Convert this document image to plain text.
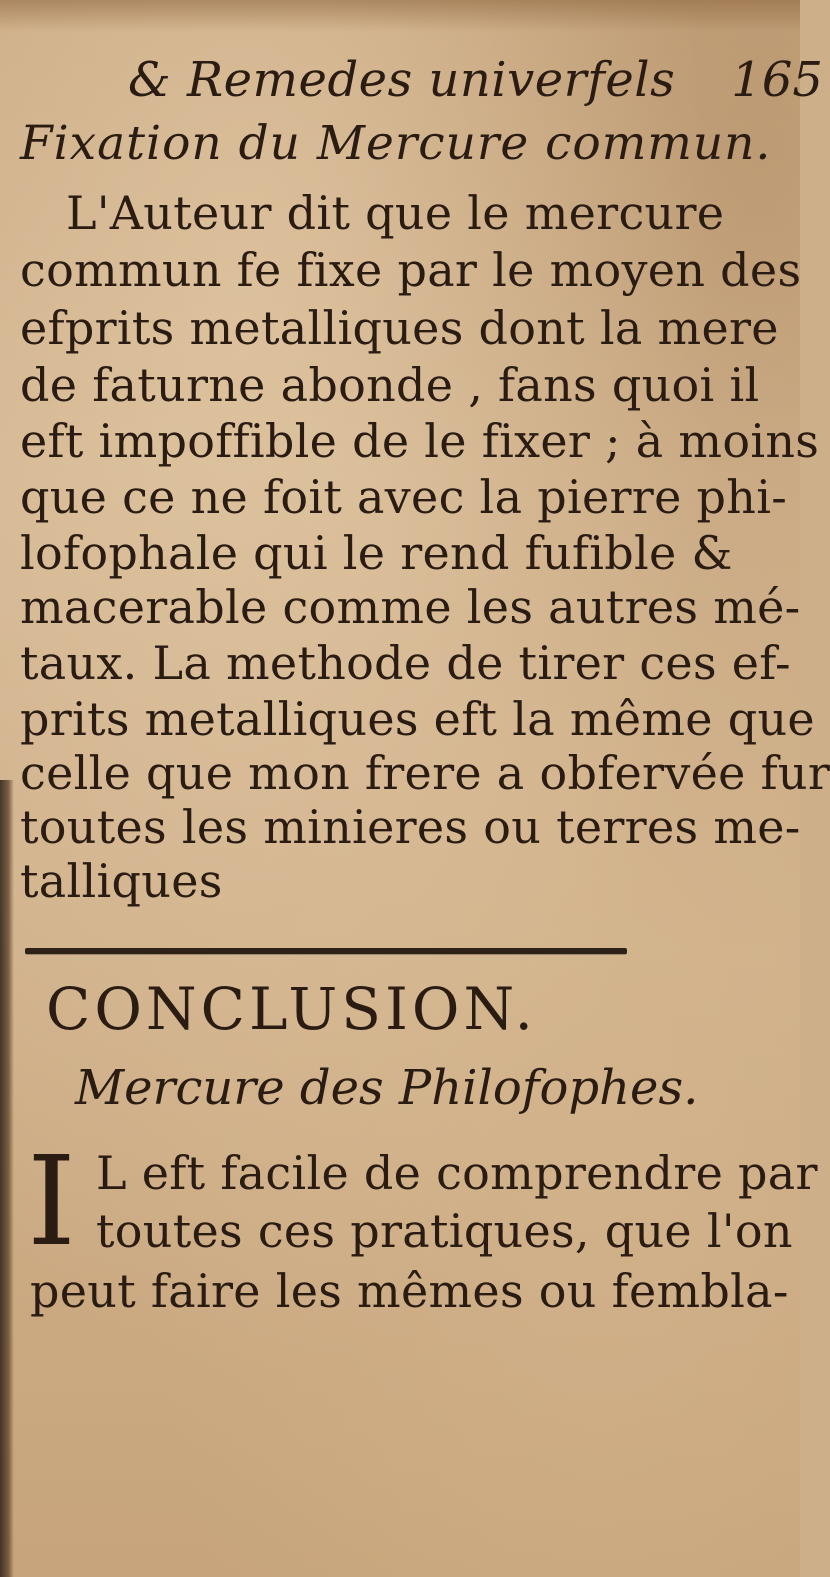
& Remedes univerfels 165
Fixation du Mercure commun.
L'Auteur dit que le mercure
commun fe fixe par le moyen des
efprits metalliques dont la mere
de faturne abonde , fans quoi il
eft impoffible de le fixer ; à moins
que ce ne foit avec la pierre phi-
lofophale qui le rend fufible &
macerable comme les autres mé-
taux. La methode de tirer ces ef-
prits metalliques eft la même que
celle que mon frere a obfervée fur
toutes les minieres ou terres me-
talliques
CONCLUSION.
Mercure des Philofophes.
I L eft facile de comprendre par
toutes ces pratiques, que l'on
peut faire les mêmes ou fembla-
